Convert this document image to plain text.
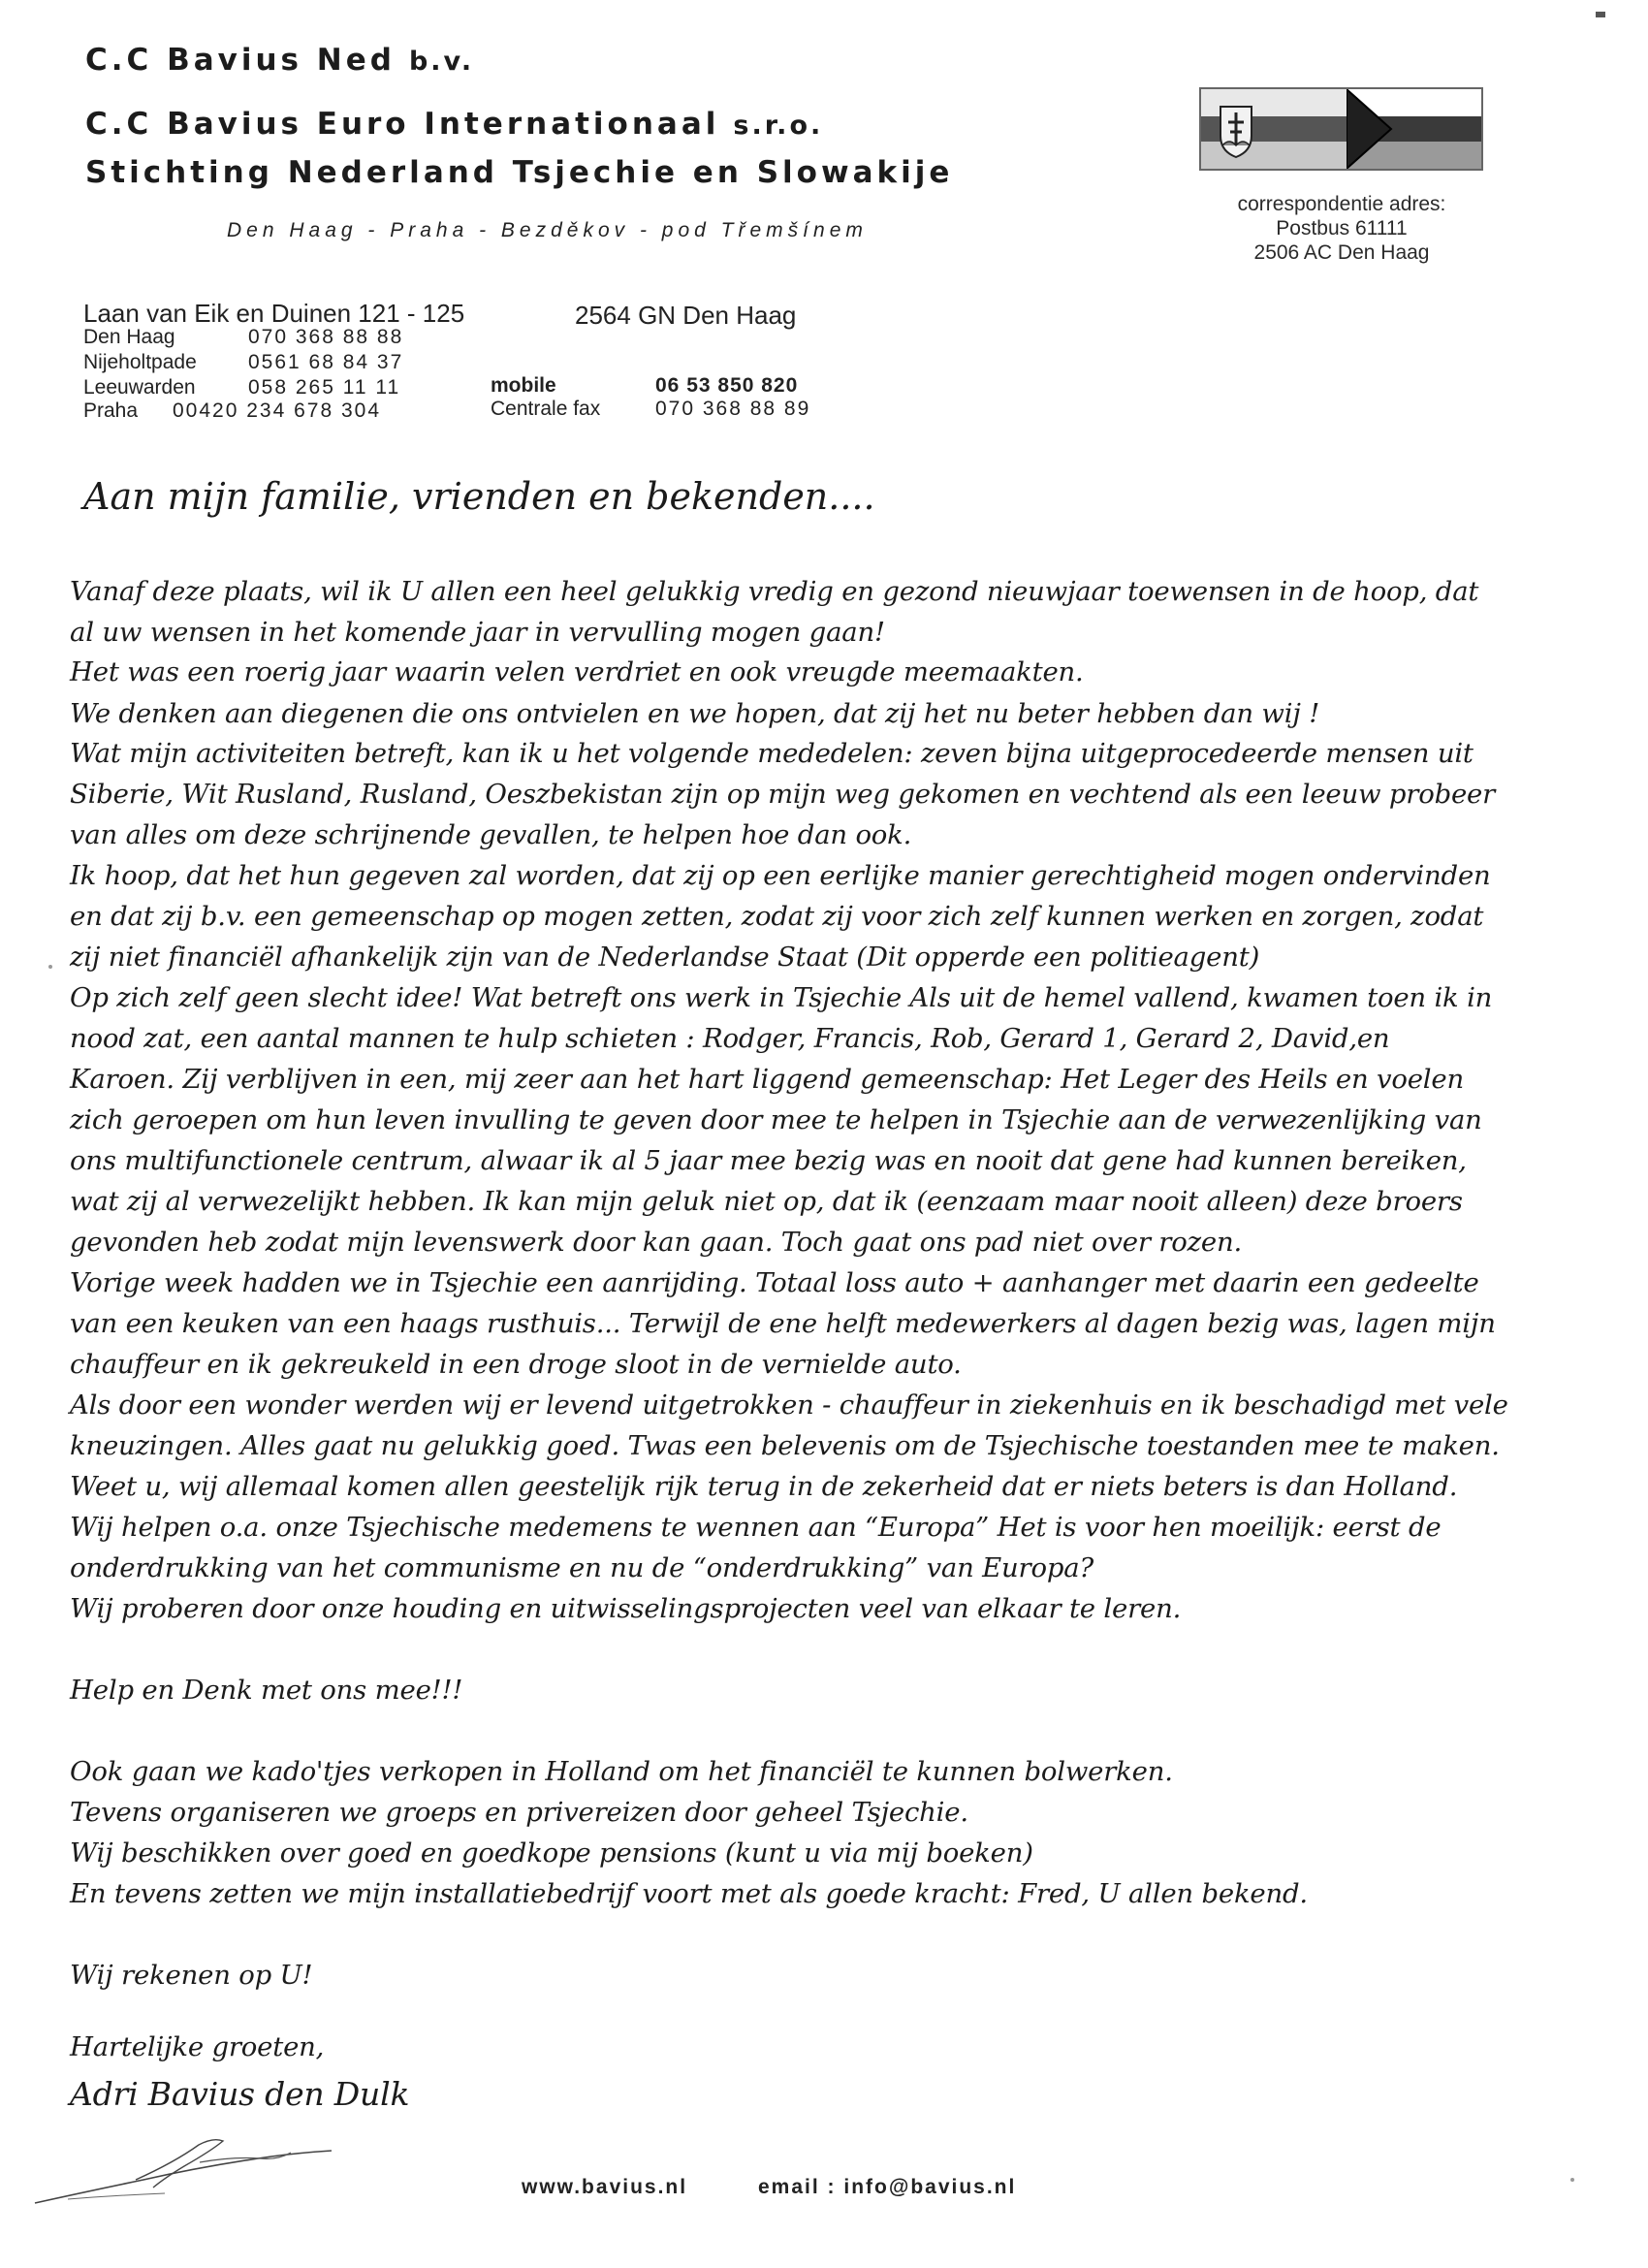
C.C Bavius Ned b.v.
C.C Bavius Euro Internationaal s.r.o.
Stichting Nederland Tsjechie en Slowakije
Den Haag - Praha - Bezděkov - pod Třemšínem
correspondentie adres:
Postbus 61111
2506 AC Den Haag
Laan van Eik en Duinen 121 - 125	2564 GN Den Haag
Den Haag	070 368 88 88
Nijeholtpade	0561 68 84 37
Leeuwarden	058 265 11 11
Praha 00420 234 678 304
mobile	06 53 850 820
Centrale fax	070 368 88 89
Aan mijn familie, vrienden en bekenden....
Vanaf deze plaats, wil ik U allen een heel gelukkig vredig en gezond nieuwjaar toewensen in de hoop, dat
al uw wensen in het komende jaar in vervulling mogen gaan!
Het was een roerig jaar waarin velen verdriet en ook vreugde meemaakten.
We denken aan diegenen die ons ontvielen en we hopen, dat zij het nu beter hebben dan wij !
Wat mijn activiteiten betreft, kan ik u het volgende mededelen: zeven bijna uitgeprocedeerde mensen uit
Siberie, Wit Rusland, Rusland, Oeszbekistan zijn op mijn weg gekomen en vechtend als een leeuw probeer
van alles om deze schrijnende gevallen, te helpen hoe dan ook.
Ik hoop, dat het hun gegeven zal worden, dat zij op een eerlijke manier gerechtigheid mogen ondervinden
en dat zij b.v. een gemeenschap op mogen zetten, zodat zij voor zich zelf kunnen werken en zorgen, zodat
zij niet financiël afhankelijk zijn van de Nederlandse Staat (Dit opperde een politieagent)
Op zich zelf geen slecht idee! Wat betreft ons werk in Tsjechie Als uit de hemel vallend, kwamen toen ik in
nood zat, een aantal mannen te hulp schieten : Rodger, Francis, Rob, Gerard 1, Gerard 2, David,en
Karoen. Zij verblijven in een, mij zeer aan het hart liggend gemeenschap: Het Leger des Heils en voelen
zich geroepen om hun leven invulling te geven door mee te helpen in Tsjechie aan de verwezenlijking van
ons multifunctionele centrum, alwaar ik al 5 jaar mee bezig was en nooit dat gene had kunnen bereiken,
wat zij al verwezelijkt hebben. Ik kan mijn geluk niet op, dat ik (eenzaam maar nooit alleen) deze broers
gevonden heb zodat mijn levenswerk door kan gaan. Toch gaat ons pad niet over rozen.
Vorige week hadden we in Tsjechie een aanrijding. Totaal loss auto + aanhanger met daarin een gedeelte
van een keuken van een haags rusthuis... Terwijl de ene helft medewerkers al dagen bezig was, lagen mijn
chauffeur en ik gekreukeld in een droge sloot in de vernielde auto.
Als door een wonder werden wij er levend uitgetrokken - chauffeur in ziekenhuis en ik beschadigd met vele
kneuzingen. Alles gaat nu gelukkig goed. Twas een belevenis om de Tsjechische toestanden mee te maken.
Weet u, wij allemaal komen allen geestelijk rijk terug in de zekerheid dat er niets beters is dan Holland.
Wij helpen o.a. onze Tsjechische medemens te wennen aan “Europa” Het is voor hen moeilijk: eerst de
onderdrukking van het communisme en nu de “onderdrukking” van Europa?
Wij proberen door onze houding en uitwisselingsprojecten veel van elkaar te leren.
Help en Denk met ons mee!!!
Ook gaan we kado'tjes verkopen in Holland om het financiël te kunnen bolwerken.
Tevens organiseren we groeps en privereizen door geheel Tsjechie.
Wij beschikken over goed en goedkope pensions (kunt u via mij boeken)
En tevens zetten we mijn installatiebedrijf voort met als goede kracht: Fred, U allen bekend.
Wij rekenen op U!
Hartelijke groeten,
Adri Bavius den Dulk
www.bavius.nl	email : info@bavius.nl
